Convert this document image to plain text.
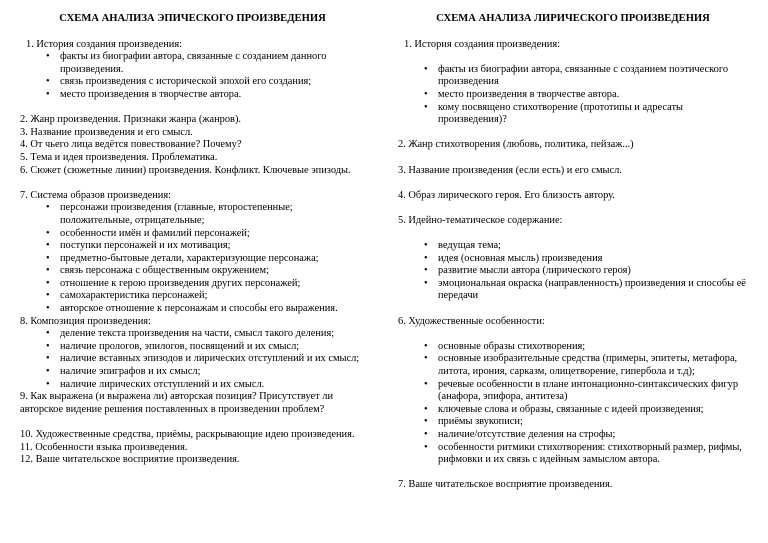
СХЕМА АНАЛИЗА ЭПИЧЕСКОГО ПРОИЗВЕДЕНИЯ

1. История создания произведения:

• факты из биографии автора, связанные с созданием данного произведения.
• связь произведения с исторической эпохой его создания;
• место произведения в творчестве автора.

2. Жанр произведения. Признаки жанра (жанров).

3. Название произведения и его смысл.

4. От чьего лица ведётся повествование? Почему?

5. Тема и идея произведения. Проблематика.

6. Сюжет (сюжетные линии) произведения. Конфликт. Ключевые эпизоды.

7. Система образов произведения:

• персонажи произведения (главные, второстепенные; положительные, отрицательные;
• особенности имён и фамилий персонажей;
• поступки персонажей и их мотивация;
• предметно-бытовые детали, характеризующие персонажа;
• связь персонажа с общественным окружением;
• отношение к герою произведения других персонажей;
• самохарактеристика персонажей;
• авторское отношение к персонажам и способы его выражения.

8. Композиция произведения:

• деление текста произведения на части, смысл такого деления;
• наличие прологов, эпилогов, посвящений и их смысл;
• наличие вставных эпизодов и лирических отступлений и их смысл;
• наличие эпиграфов и их смысл;
• наличие лирических отступлений и их смысл.

9. Как выражена (и выражена ли) авторская позиция? Присутствует ли авторское видение решения поставленных в произведении проблем?

10. Художественные средства, приёмы, раскрывающие идею произведения.

11. Особенности языка произведения.

12. Ваше читательское восприятие произведения.

СХЕМА АНАЛИЗА ЛИРИЧЕСКОГО ПРОИЗВЕДЕНИЯ

1. История создания произведения:

• факты из биографии автора, связанные с созданием поэтического произведения
• место произведения в творчестве автора.
• кому посвящено стихотворение (прототипы и адресаты произведения)?

2. Жанр стихотворения (любовь, политика, пейзаж...)

3. Название произведения (если есть) и его смысл.

4. Образ лирического героя. Его близость автору.

5. Идейно-тематическое содержание:

• ведущая тема;
• идея (основная мысль) произведения
• развитие мысли автора (лирического героя)
• эмоциональная окраска (направленность) произведения и способы её передачи

6. Художественные особенности:

• основные образы стихотворения;
• основные изобразительные средства (примеры, эпитеты, метафора, литота, ирония, сарказм, олицетворение, гипербола и т.д);
• речевые особенности в плане интонационно-синтаксических фигур (анафора, эпифора, антитеза)
• ключевые слова и образы, связанные с идеей произведения;
• приёмы звукописи;
• наличие/отсутствие деления на строфы;
• особенности ритмики стихотворения: стихотворный размер, рифмы, рифмовки и их связь с идейным замыслом автора.

7. Ваше читательское восприятие произведения.
